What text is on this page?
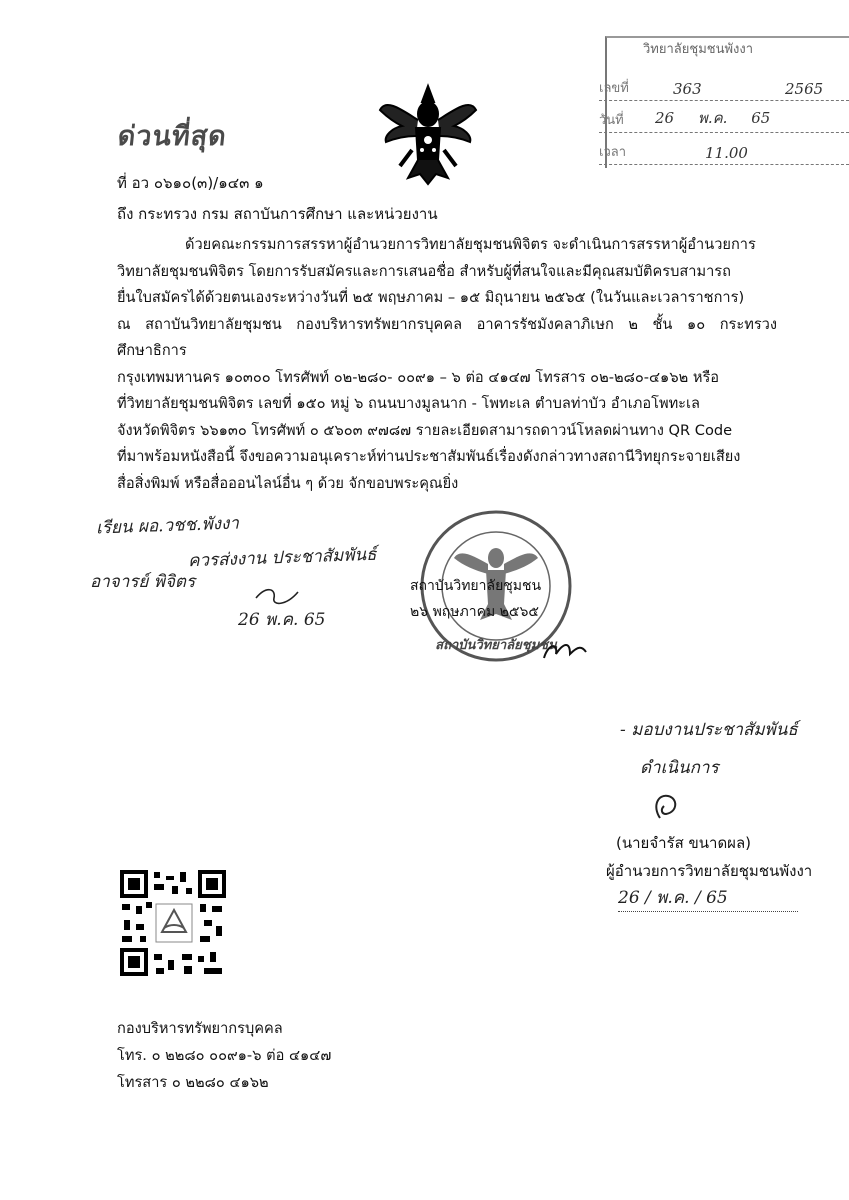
ด่วนที่สุด
วิทยาลัยชุมชนพังงา
เลขที่	363	2565
วันที่ 26     พ.ค.     65
เวลา	11.00
ที่ อว ๐๖๑๐(๓)/๑๔๓ ๑
ถึง กระทรวง กรม สถาบันการศึกษา และหน่วยงาน

ด้วยคณะกรรมการสรรหาผู้อำนวยการวิทยาลัยชุมชนพิจิตร จะดำเนินการสรรหาผู้อำนวยการ

วิทยาลัยชุมชนพิจิตร โดยการรับสมัครและการเสนอชื่อ สำหรับผู้ที่สนใจและมีคุณสมบัติครบสามารถ

ยื่นใบสมัครได้ด้วยตนเองระหว่างวันที่ ๒๕ พฤษภาคม – ๑๕ มิถุนายน ๒๕๖๕ (ในวันและเวลาราชการ)

ณ สถาบันวิทยาลัยชุมชน กองบริหารทรัพยากรบุคคล อาคารรัชมังคลาภิเษก ๒ ชั้น ๑๐ กระทรวงศึกษาธิการ

กรุงเทพมหานคร ๑๐๓๐๐ โทรศัพท์ ๐๒-๒๘๐- ๐๐๙๑ – ๖ ต่อ ๔๑๔๗ โทรสาร ๐๒-๒๘๐-๔๑๖๒ หรือ

ที่วิทยาลัยชุมชนพิจิตร เลขที่ ๑๕๐ หมู่ ๖ ถนนบางมูลนาก - โพทะเล ตำบลท่าบัว อำเภอโพทะเล

จังหวัดพิจิตร ๖๖๑๓๐ โทรศัพท์ ๐ ๕๖๐๓ ๙๗๘๗ รายละเอียดสามารถดาวน์โหลดผ่านทาง QR Code

ที่มาพร้อมหนังสือนี้ จึงขอความอนุเคราะห์ท่านประชาสัมพันธ์เรื่องดังกล่าวทางสถานีวิทยุกระจายเสียง

สื่อสิ่งพิมพ์ หรือสื่อออนไลน์อื่น ๆ ด้วย จักขอบพระคุณยิ่ง

เรียน ผอ.วชช.พังงา
ควรส่งงาน ประชาสัมพันธ์
อาจารย์ พิจิตร
26 พ.ค. 65
สถาบันวิทยาลัยชุมชน
สถาบันวิทยาลัยชุมชน
๒๖ พฤษภาคม ๒๕๖๕
- มอบงานประชาสัมพันธ์
ดำเนินการ
(นายจำรัส ขนาดผล)
ผู้อำนวยการวิทยาลัยชุมชนพังงา
26 / พ.ค. / 65
กองบริหารทรัพยากรบุคคล
โทร. ๐ ๒๒๘๐ ๐๐๙๑-๖ ต่อ ๔๑๔๗
โทรสาร ๐ ๒๒๘๐ ๔๑๖๒
